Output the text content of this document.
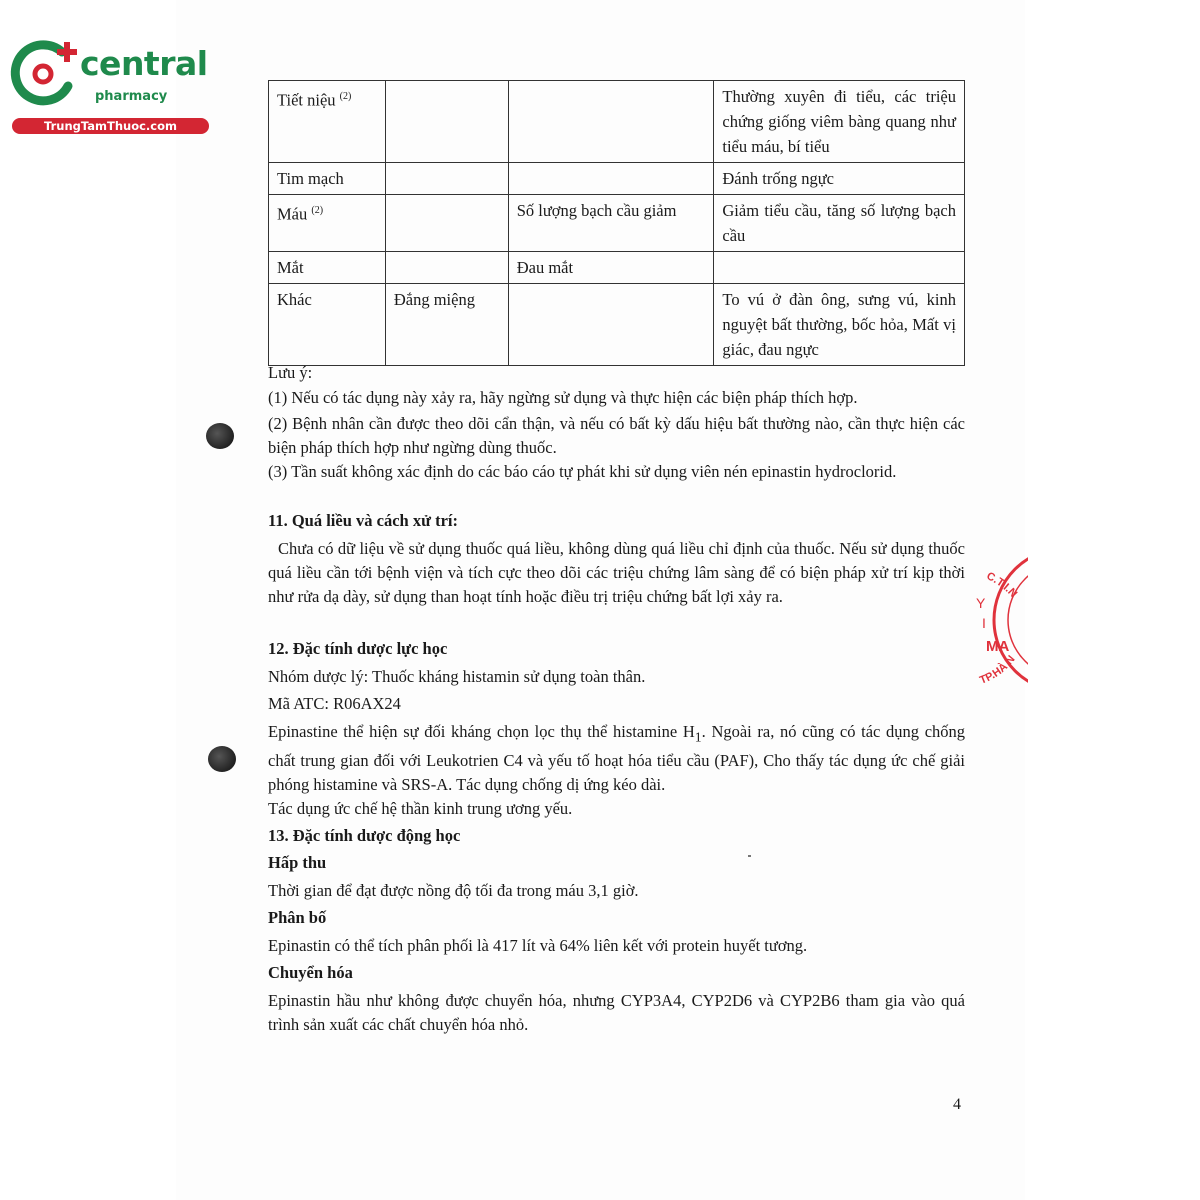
central
pharmacy
TrungTamThuoc.com
Tiết niệu $^{(2)}$			Thường xuyên đi tiểu, các triệu chứng giống viêm bàng quang như tiểu máu, bí tiểu
Tim mạch			Đánh trống ngực
Máu $^{(2)}$		Số lượng bạch cầu giảm	Giảm tiểu cầu, tăng số lượng bạch cầu
Mắt		Đau mắt	
Khác	Đắng miệng		To vú ở đàn ông, sưng vú, kinh nguyệt bất thường, bốc hỏa, Mất vị giác, đau ngực

Lưu ý:

(1) Nếu có tác dụng này xảy ra, hãy ngừng sử dụng và thực hiện các biện pháp thích hợp.

(2) Bệnh nhân cần được theo dõi cẩn thận, và nếu có bất kỳ dấu hiệu bất thường nào, cần thực hiện các biện pháp thích hợp như ngừng dùng thuốc.

(3) Tần suất không xác định do các báo cáo tự phát khi sử dụng viên nén epinastin hydroclorid.

11. Quá liều và cách xử trí:

Chưa có dữ liệu về sử dụng thuốc quá liều, không dùng quá liều chỉ định của thuốc. Nếu sử dụng thuốc quá liều cần tới bệnh viện và tích cực theo dõi các triệu chứng lâm sàng để có biện pháp xử trí kịp thời như rửa dạ dày, sử dụng than hoạt tính hoặc điều trị triệu chứng bất lợi xảy ra.

12. Đặc tính dược lực học

Nhóm dược lý: Thuốc kháng histamin sử dụng toàn thân.

Mã ATC: R06AX24

Epinastine thể hiện sự đối kháng chọn lọc thụ thể histamine $H_1$. Ngoài ra, nó cũng có tác dụng chống chất trung gian đối với Leukotrien C4 và yếu tố hoạt hóa tiểu cầu (PAF), Cho thấy tác dụng ức chế giải phóng histamine và SRS-A. Tác dụng chống dị ứng kéo dài.

Tác dụng ức chế hệ thần kinh trung ương yếu.

13. Đặc tính dược động học

Hấp thu

Thời gian để đạt được nồng độ tối đa trong máu 3,1 giờ.

Phân bố

Epinastin có thể tích phân phối là 417 lít và 64% liên kết với protein huyết tương.

Chuyển hóa

Epinastin hầu như không được chuyển hóa, nhưng CYP3A4, CYP2D6 và CYP2B6 tham gia vào quá trình sản xuất các chất chuyển hóa nhỏ.

C.T.I.N
TP.HÀ N
Y
I
MA
4
